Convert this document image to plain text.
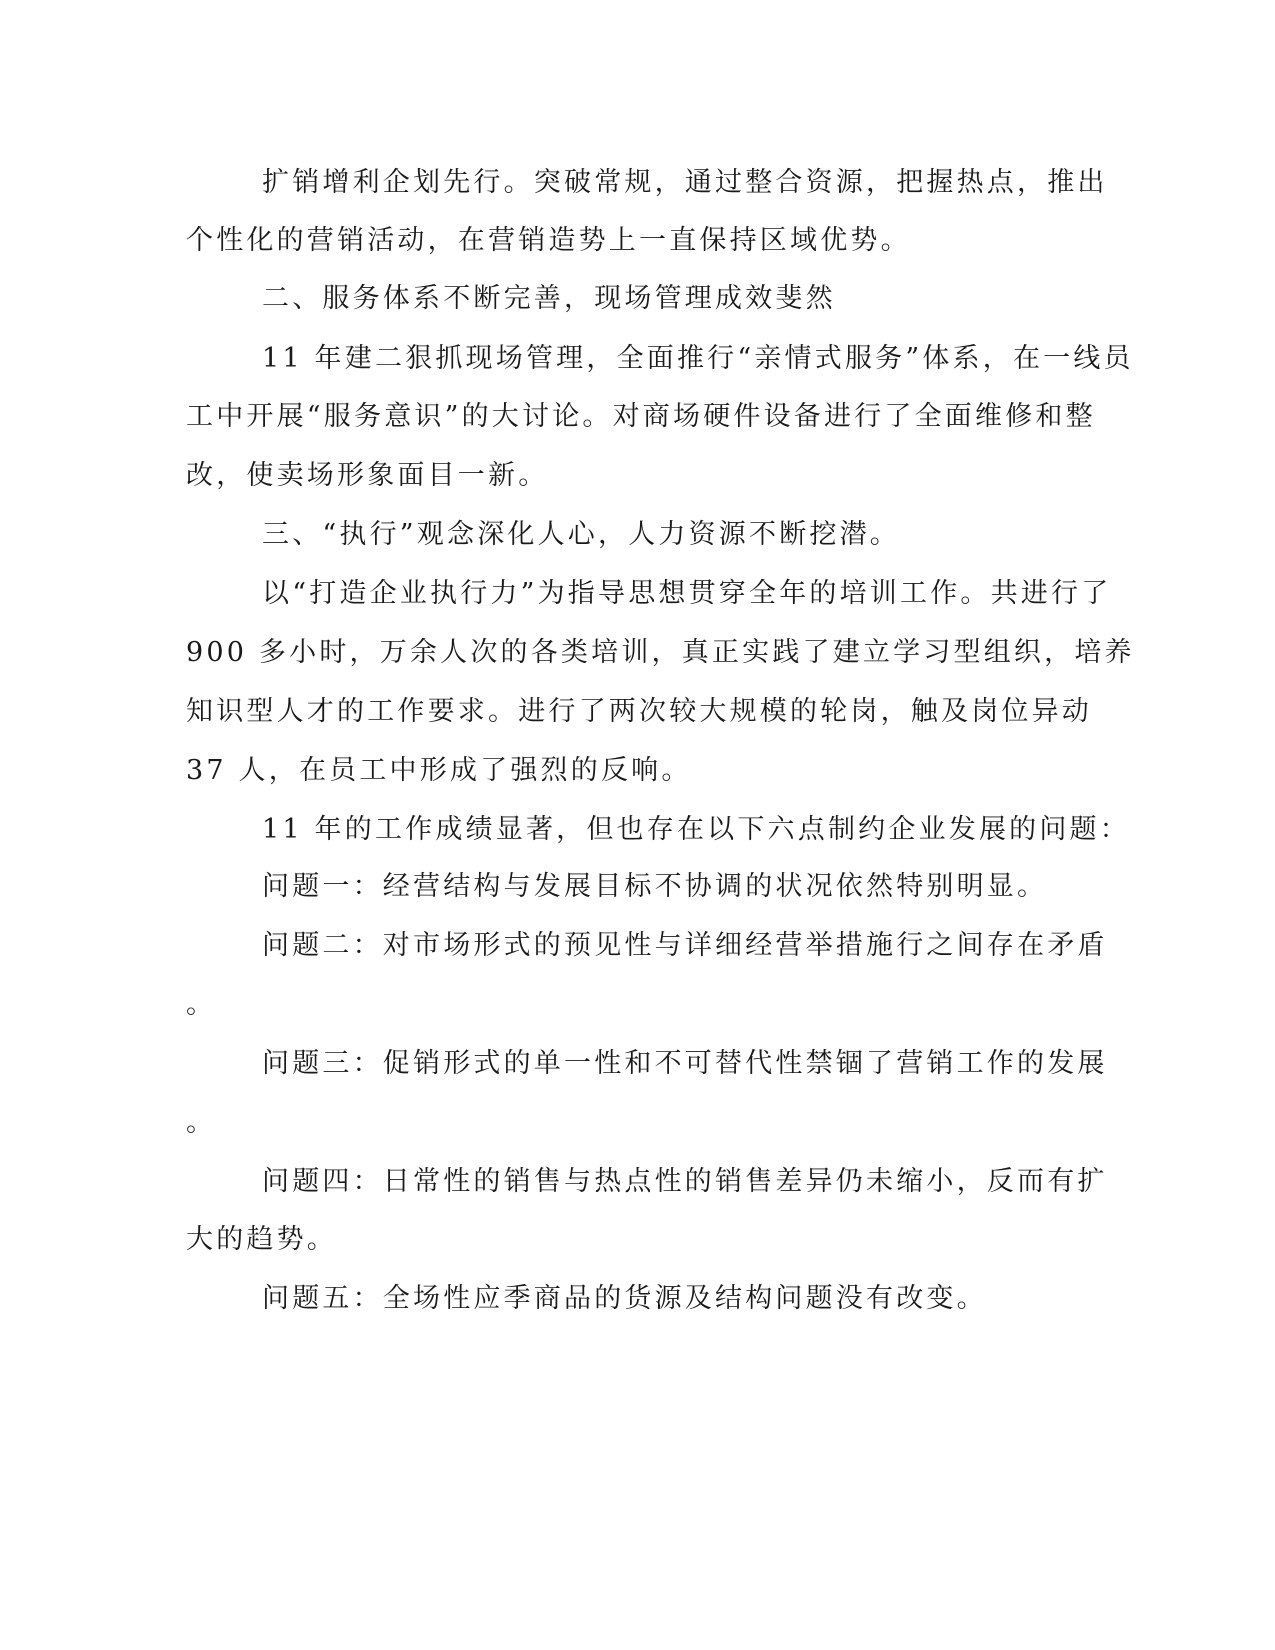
扩销增利企划先行。突破常规，通过整合资源，把握热点，推出

个性化的营销活动，在营销造势上一直保持区域优势。

二、服务体系不断完善，现场管理成效斐然

11 年建二狠抓现场管理，全面推行“亲情式服务”体系，在一线员

工中开展“服务意识”的大讨论。对商场硬件设备进行了全面维修和整

改，使卖场形象面目一新。

三、“执行”观念深化人心，人力资源不断挖潜。

以“打造企业执行力”为指导思想贯穿全年的培训工作。共进行了

900 多小时，万余人次的各类培训，真正实践了建立学习型组织，培养

知识型人才的工作要求。进行了两次较大规模的轮岗，触及岗位异动

37 人，在员工中形成了强烈的反响。

11 年的工作成绩显著，但也存在以下六点制约企业发展的问题：

问题一：经营结构与发展目标不协调的状况依然特别明显。

问题二：对市场形式的预见性与详细经营举措施行之间存在矛盾

。

问题三：促销形式的单一性和不可替代性禁锢了营销工作的发展

。

问题四：日常性的销售与热点性的销售差异仍未缩小，反而有扩

大的趋势。

问题五：全场性应季商品的货源及结构问题没有改变。
